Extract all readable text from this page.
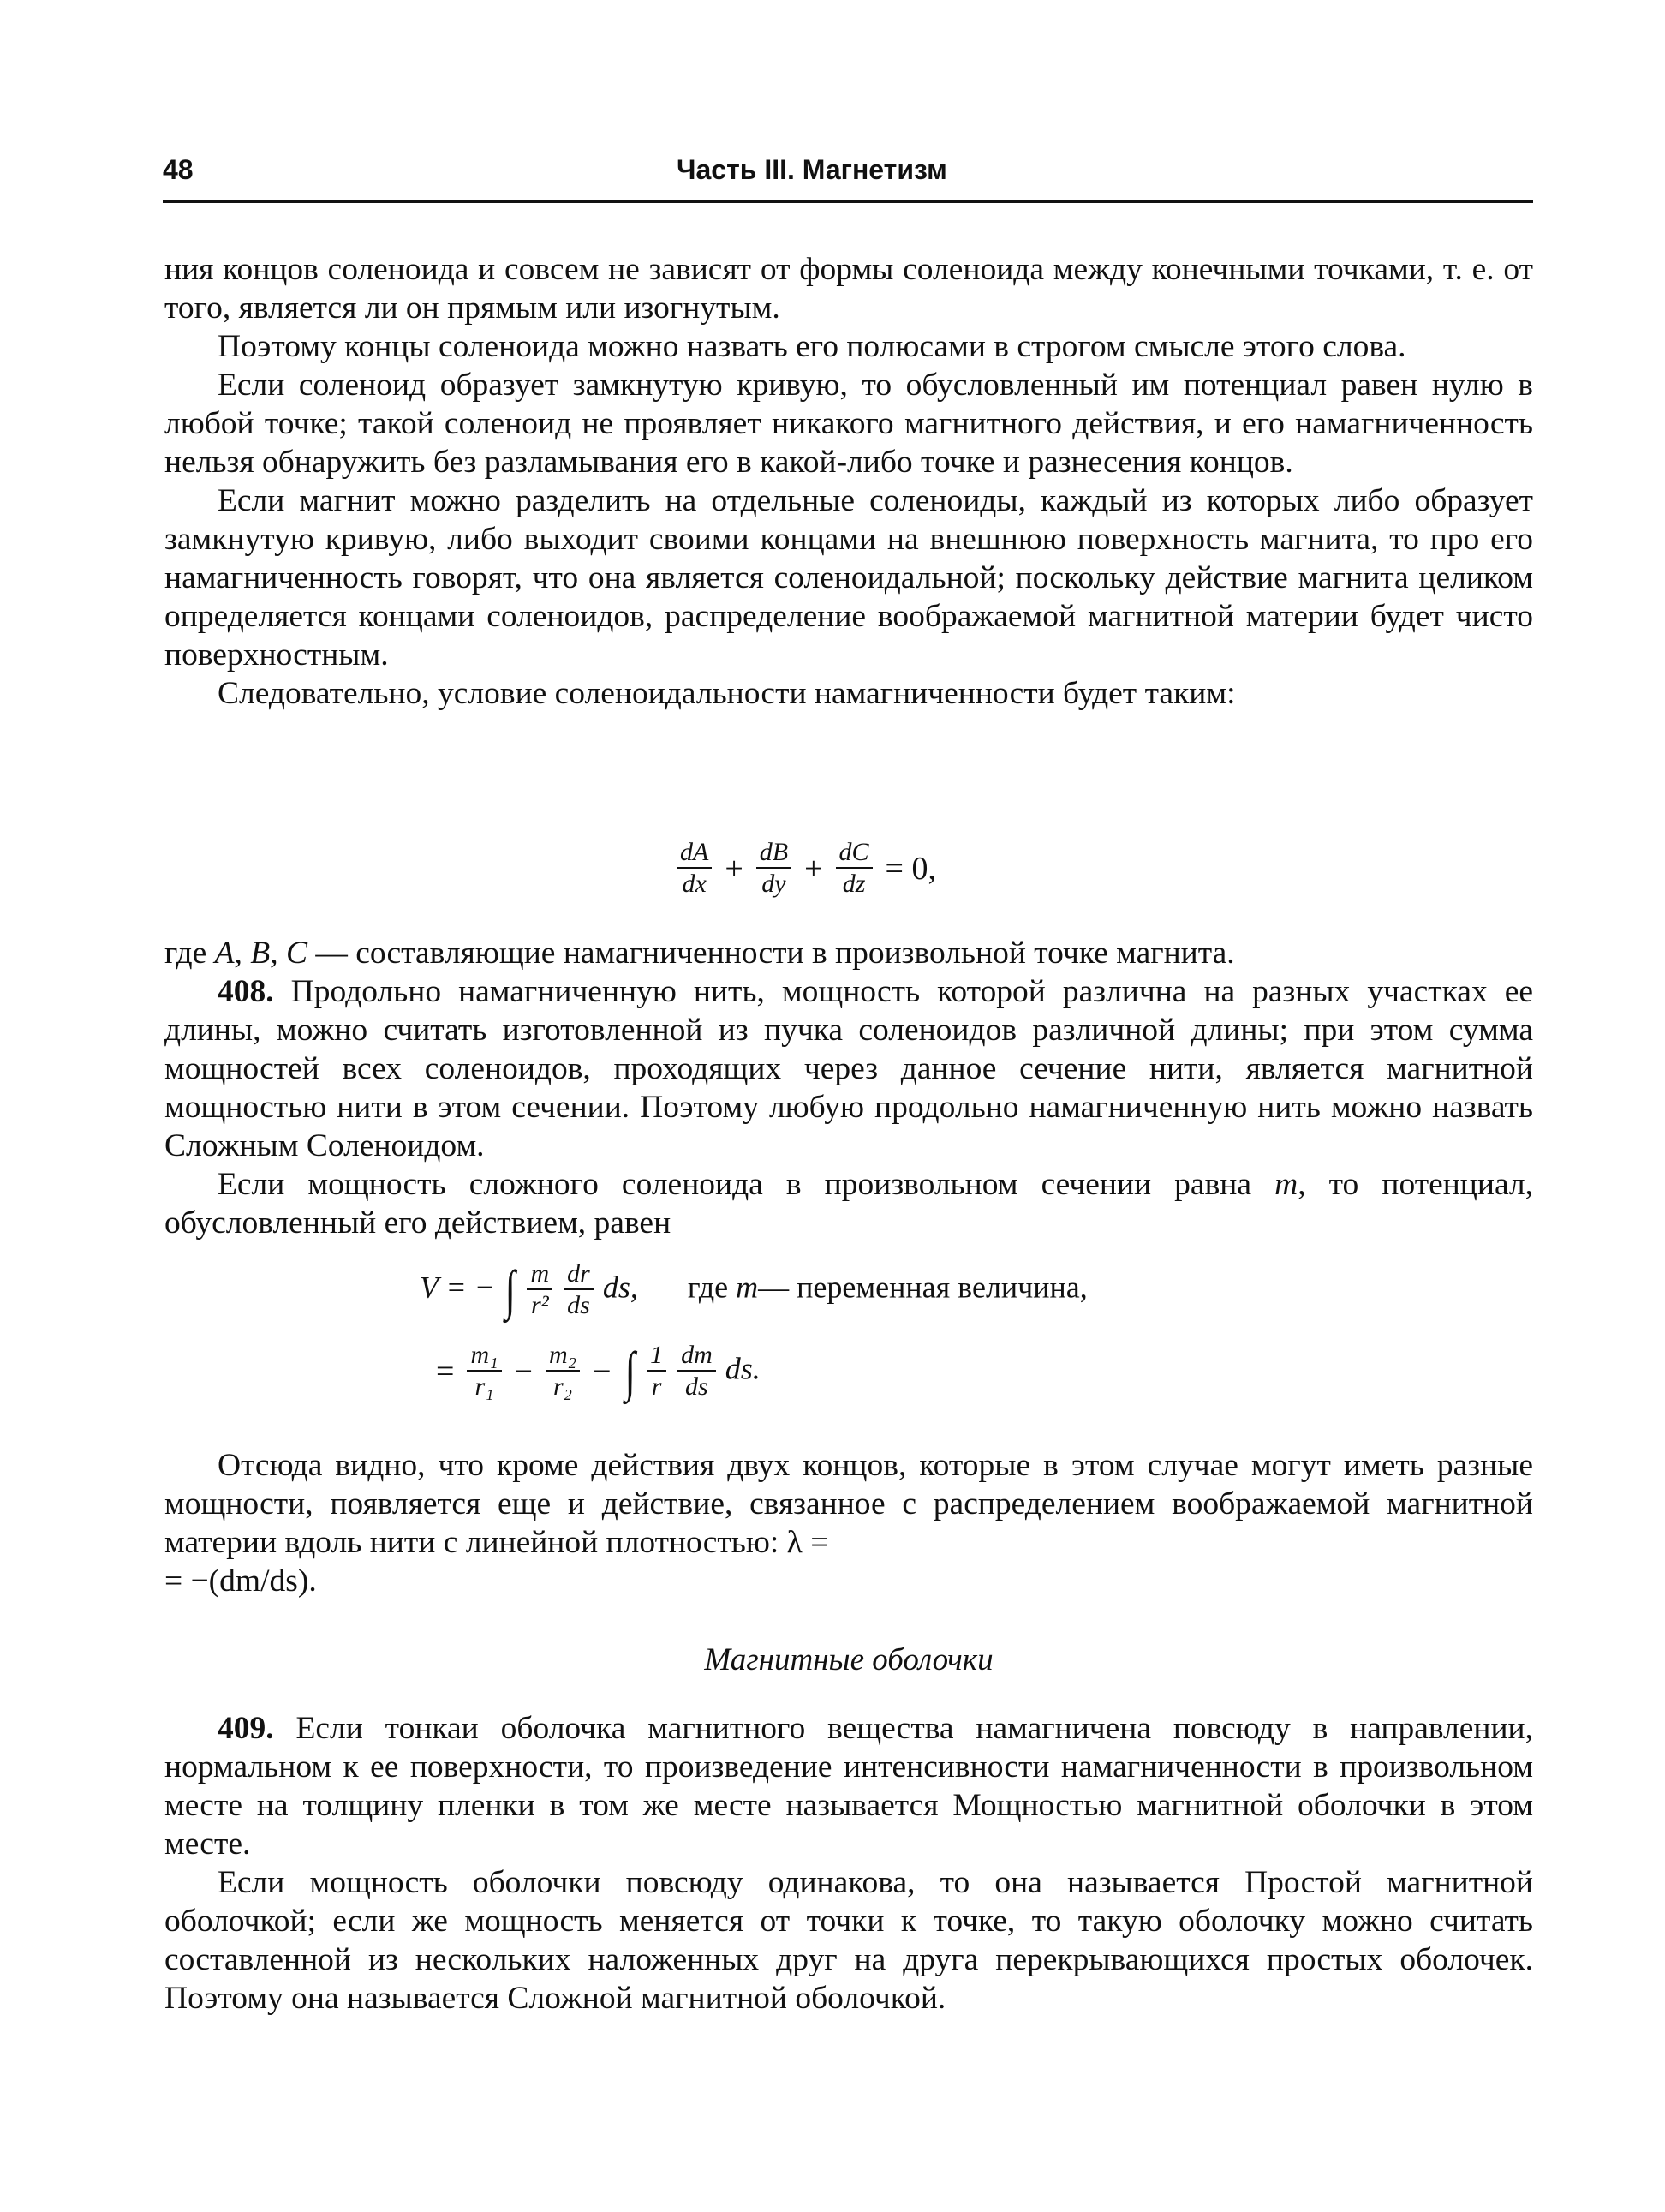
48	Часть III. Магнетизм

ния концов соленоида и совсем не зависят от формы соленоида между конечными точками, т. е. от того, является ли он прямым или изогнутым.

Поэтому концы соленоида можно назвать его полюсами в строгом смысле этого слова.

Если соленоид образует замкнутую кривую, то обусловленный им потенциал равен нулю в любой точке; такой соленоид не проявляет никакого магнитного действия, и его намагниченность нельзя обнаружить без разламывания его в какой-либо точке и разнесения концов.

Если магнит можно разделить на отдельные соленоиды, каждый из которых либо образует замкнутую кривую, либо выходит своими концами на внешнюю поверхность магнита, то про его намагниченность говорят, что она является соленоидальной; поскольку действие магнита целиком определяется концами соленоидов, распределение воображаемой магнитной материи будет чисто поверхностным.

Следовательно, условие соленоидальности намагниченности будет таким:

$\frac{dA}{dx} + \frac{dB}{dy} + \frac{dC}{dz} = 0$,

где A, B, C — составляющие намагниченности в произвольной точке магнита.

408. Продольно намагниченную нить, мощность которой различна на разных участках ее длины, можно считать изготовленной из пучка соленоидов различной длины; при этом сумма мощностей всех соленоидов, проходящих через данное сечение нити, является магнитной мощностью нити в этом сечении. Поэтому любую продольно намагниченную нить можно назвать Сложным Соленоидом.

Если мощность сложного соленоида в произвольном сечении равна m, то потенциал, обусловленный его действием, равен

V = − ∫ $\frac{m}{\text{r²}}$
$\frac{dr}{ds}$ ds, где m— переменная величина,
= $\frac{\text{m₁}}{\text{r₁}} - \frac{\text{m₂}}{\text{r₂}}$ − ∫ $\frac{1}{r}$
$\frac{dm}{ds}$ ds.

Отсюда видно, что кроме действия двух концов, которые в этом случае могут иметь разные мощности, появляется еще и действие, связанное с распределением воображаемой магнитной материи вдоль нити с линейной плотностью: λ =

= −(dm/ds).

Магнитные оболочки

409. Если тонкаи оболочка магнитного вещества намагничена повсюду в направлении, нормальном к ее поверхности, то произведение интенсивности намагниченности в произвольном месте на толщину пленки в том же месте называется Мощностью магнитной оболочки в этом месте.

Если мощность оболочки повсюду одинакова, то она называется Простой магнитной оболочкой; если же мощность меняется от точки к точке, то такую оболочку можно считать составленной из нескольких наложенных друг на друга перекрывающихся простых оболочек. Поэтому она называется Сложной магнитной оболочкой.
